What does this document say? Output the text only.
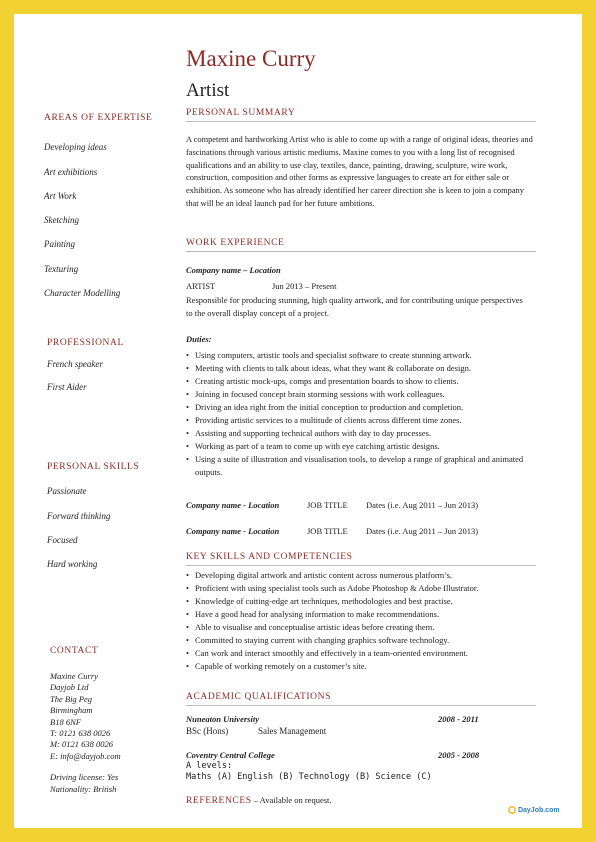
Maxine Curry
Artist
AREAS OF EXPERTISE
Developing ideas
Art exhibitions
Art Work
Sketching
Painting
Texturing
Character Modelling
PROFESSIONAL
French speaker
First Aider
PERSONAL SKILLS
Passionate
Forward thinking
Focused
Hard working
CONTACT
Maxine Curry
Dayjob Ltd
The Big Peg
Birmingham
B18 6NF
T: 0121 638 0026
M: 0121 638 0026
E: info@dayjob.com
Driving license: Yes
Nationality: British
PERSONAL SUMMARY
A competent and hardworking Artist who is able to come up with a range of original ideas, theories and fascinations through various artistic mediums. Maxine comes to you with a long list of recognised qualifications and an ability to use clay, textiles, dance, painting, drawing, sculpture, wire work, construction, composition and other forms as expressive languages to create art for either sale or exhibition. As someone who has already identified her career direction she is keen to join a company that will be an ideal launch pad for her future ambitions.
WORK EXPERIENCE
Company name – Location
ARTIST	Jun 2013 – Present
Responsible for producing stunning, high quality artwork, and for contributing unique perspectives to the overall display concept of a project.
Duties:
• Using computers, artistic tools and specialist software to create stunning artwork.
• Meeting with clients to talk about ideas, what they want & collaborate on design.
• Creating artistic mock-ups, comps and presentation boards to show to clients.
• Joining in focused concept brain storming sessions with work colleagues.
• Driving an idea right from the initial conception to production and completion.
• Providing artistic services to a multitude of clients across different time zones.
• Assisting and supporting technical authors with day to day processes.
• Working as part of a team to come up with eye catching artistic designs.
• Using a suite of illustration and visualisation tools, to develop a range of graphical and animated outputs.
Company name - Location	JOB TITLE Dates (i.e. Aug 2011 – Jun 2013)
Company name - Location	JOB TITLE Dates (i.e. Aug 2011 – Jun 2013)
KEY SKILLS AND COMPETENCIES
• Developing digital artwork and artistic content across numerous platform’s.
• Proficient with using specialist tools such as Adobe Photoshop & Adobe Illustrator.
• Knowledge of cutting-edge art techniques, methodologies and best practise.
• Have a good head for analysing information to make recommendations.
• Able to visualise and conceptualise artistic ideas before creating them.
• Committed to staying current with changing graphics software technology.
• Can work and interact smoothly and effectively in a team-oriented environment.
• Capable of working remotely on a customer’s site.
ACADEMIC QUALIFICATIONS
Nuneaton University	2008 - 2011
BSc (Hons)	Sales Management
Coventry Central College	2005 - 2008
A levels:
Maths (A) English (B) Technology (B) Science (C)
REFERENCES – Available on request.
DayJob.com
